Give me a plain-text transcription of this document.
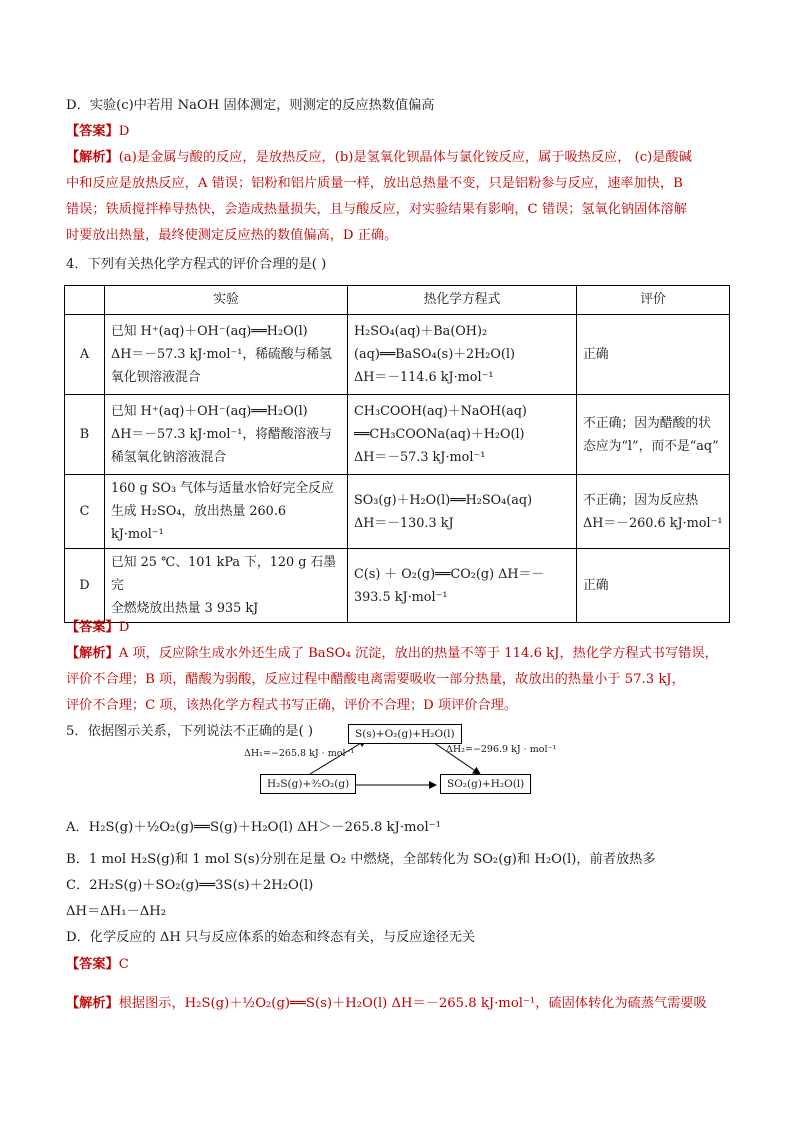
D．实验(c)中若用 NaOH 固体测定，则测定的反应热数值偏高
【答案】D
【解析】(a)是金属与酸的反应，是放热反应，(b)是氢氧化钡晶体与氯化铵反应，属于吸热反应， (c)是酸碱
中和反应是放热反应，A 错误；铝粉和铝片质量一样，放出总热量不变，只是铝粉参与反应，速率加快，B
错误；铁质搅拌棒导热快，会造成热量损失，且与酸反应，对实验结果有影响，C 错误；氢氧化钠固体溶解
时要放出热量，最终使测定反应热的数值偏高，D 正确。
4．下列有关热化学方程式的评价合理的是( )
	实验	热化学方程式	评价
A	已知 H⁺(aq)＋OH⁻(aq)══H₂O(l)
ΔH＝－57.3 kJ·mol⁻¹，稀硫酸与稀氢
氧化钡溶液混合	H₂SO₄(aq)＋Ba(OH)₂
(aq)══BaSO₄(s)＋2H₂O(l)
ΔH＝－114.6 kJ·mol⁻¹	正确
B	已知 H⁺(aq)＋OH⁻(aq)══H₂O(l)
ΔH＝－57.3 kJ·mol⁻¹，将醋酸溶液与
稀氢氧化钠溶液混合	CH₃COOH(aq)＋NaOH(aq)
══CH₃COONa(aq)＋H₂O(l)
ΔH＝－57.3 kJ·mol⁻¹	不正确；因为醋酸的状
态应为“l”，而不是“aq”
C	160 g SO₃ 气体与适量水恰好完全反应
生成 H₂SO₄，放出热量 260.6 kJ·mol⁻¹	SO₃(g)＋H₂O(l)══H₂SO₄(aq)
ΔH＝－130.3 kJ	不正确；因为反应热
ΔH＝－260.6 kJ·mol⁻¹
D	已知 25 ℃、101 kPa 下，120 g 石墨完
全燃烧放出热量 3 935 kJ	C(s) ＋ O₂(g)══CO₂(g) ΔH＝－
393.5 kJ·mol⁻¹	正确
【答案】D
【解析】A 项，反应除生成水外还生成了 BaSO₄ 沉淀，放出的热量不等于 114.6 kJ，热化学方程式书写错误，
评价不合理；B 项，醋酸为弱酸，反应过程中醋酸电离需要吸收一部分热量，故放出的热量小于 57.3 kJ，
评价不合理；C 项，该热化学方程式书写正确，评价不合理；D 项评价合理。
5．依据图示关系，下列说法不正确的是( )	S(s)+O₂(g)+H₂O(l)
H₂S(g)+³⁄₂O₂(g)	SO₂(g)+H₂O(l)
ΔH₁=−265.8 kJ · mol⁻¹	ΔH₂=−296.9 kJ · mol⁻¹
A．H₂S(g)＋½O₂(g)══S(g)＋H₂O(l) ΔH＞－265.8 kJ·mol⁻¹
B．1 mol H₂S(g)和 1 mol S(s)分别在足量 O₂ 中燃烧，全部转化为 SO₂(g)和 H₂O(l)，前者放热多
C．2H₂S(g)＋SO₂(g)══3S(s)＋2H₂O(l)
ΔH＝ΔH₁－ΔH₂
D．化学反应的 ΔH 只与反应体系的始态和终态有关，与反应途径无关
【答案】C
【解析】根据图示，H₂S(g)＋½O₂(g)══S(s)＋H₂O(l) ΔH＝－265.8 kJ·mol⁻¹，硫固体转化为硫蒸气需要吸
